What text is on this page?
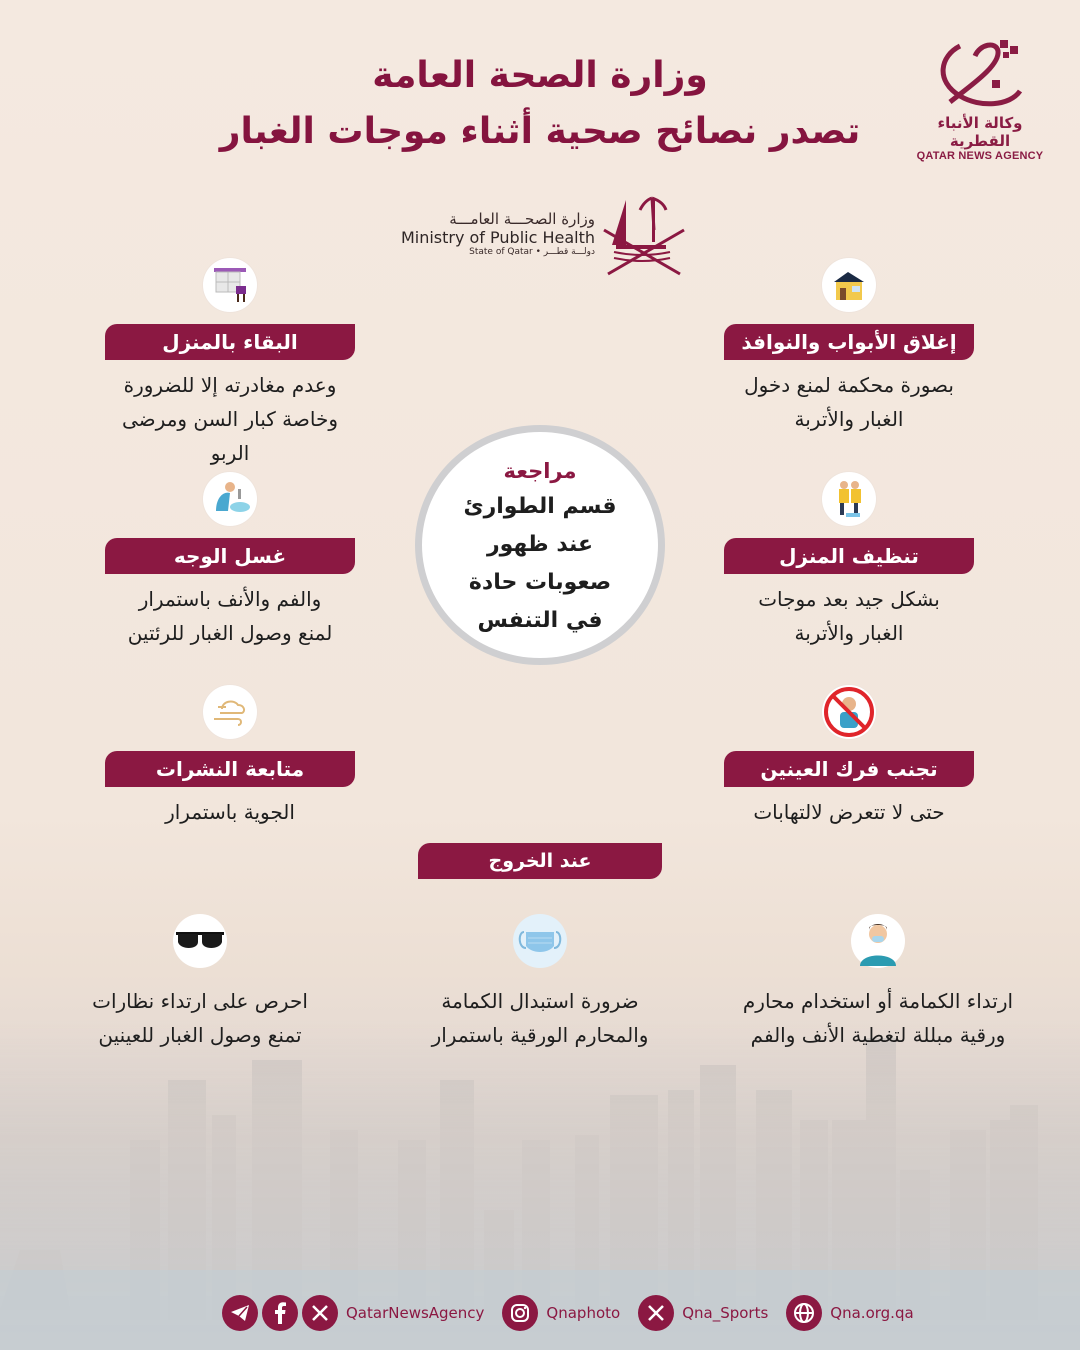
وزارة الصحة العامة
تصدر نصائح صحية أثناء موجات الغبار	وكالة الأنباء القطرية
QATAR NEWS AGENCY
وزارة الصحـــة العامـــة
Ministry of Public Health
State of Qatar • دولـــة قطـــر
إغلاق الأبواب والنوافذ
بصورة محكمة لمنع دخول
الغبار والأتربة
تنظيف المنزل
بشكل جيد بعد موجات
الغبار والأتربة
تجنب فرك العينين
حتى لا تتعرض لالتهابات
البقاء بالمنزل
وعدم مغادرته إلا للضرورة
وخاصة كبار السن ومرضى الربو
غسل الوجه
والفم والأنف باستمرار
لمنع وصول الغبار للرئتين
متابعة النشرات
الجوية باستمرار
مراجعة
قسم الطوارئ
عند ظهور
صعوبات حادة
في التنفس
عند الخروج
ارتداء الكمامة أو استخدام محارم
ورقية مبللة لتغطية الأنف والفم
ضرورة استبدال الكمامة
والمحارم الورقية باستمرار
احرص على ارتداء نظارات
تمنع وصول الغبار للعينين
QatarNewsAgency	Qnaphoto	Qna_Sports	Qna.org.qa
